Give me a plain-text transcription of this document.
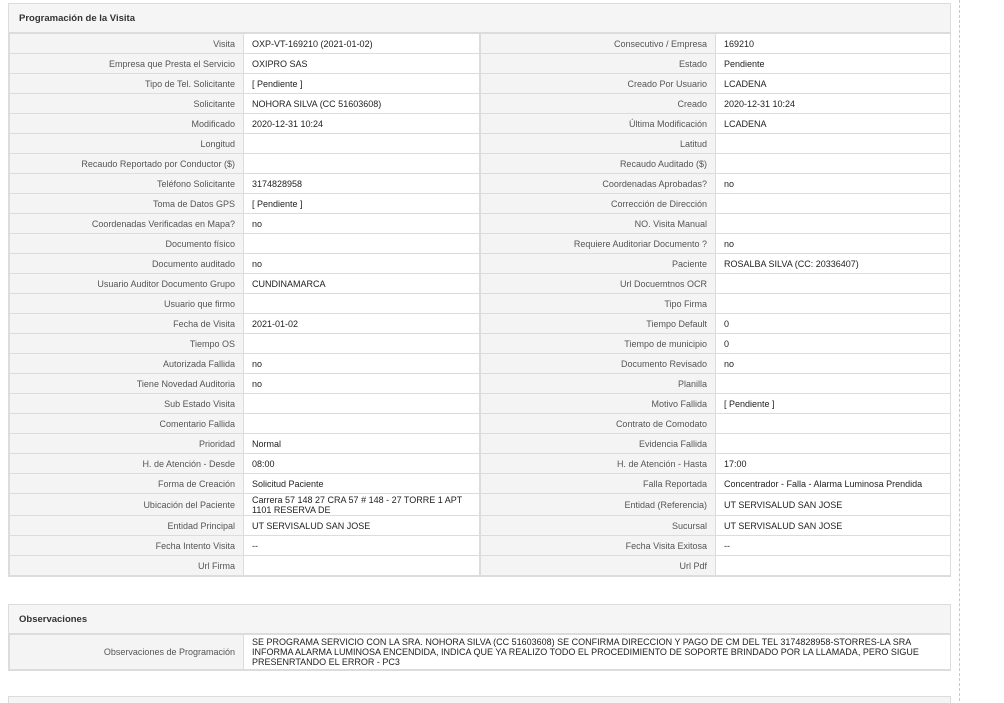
Programación de la Visita
Visita	OXP-VT-169210 (2021-01-02)	Consecutivo / Empresa	169210
Empresa que Presta el Servicio	OXIPRO SAS	Estado	Pendiente
Tipo de Tel. Solicitante	[ Pendiente ]	Creado Por Usuario	LCADENA
Solicitante	NOHORA SILVA (CC 51603608)	Creado	2020-12-31 10:24
Modificado	2020-12-31 10:24	Última Modificación	LCADENA
Longitud		Latitud	
Recaudo Reportado por Conductor ($)		Recaudo Auditado ($)	
Teléfono Solicitante	3174828958	Coordenadas Aprobadas?	no
Toma de Datos GPS	[ Pendiente ]	Corrección de Dirección	
Coordenadas Verificadas en Mapa?	no	NO. Visita Manual	
Documento físico		Requiere Auditoriar Documento ?	no
Documento auditado	no	Paciente	ROSALBA SILVA (CC: 20336407)
Usuario Auditor Documento Grupo	CUNDINAMARCA	Url Docuemtnos OCR	
Usuario que firmo		Tipo Firma	
Fecha de Visita	2021-01-02	Tiempo Default	0
Tiempo OS		Tiempo de municipio	0
Autorizada Fallida	no	Documento Revisado	no
Tiene Novedad Auditoria	no	Planilla	
Sub Estado Visita		Motivo Fallida	[ Pendiente ]
Comentario Fallida		Contrato de Comodato	
Prioridad	Normal	Evidencia Fallida	
H. de Atención - Desde	08:00	H. de Atención - Hasta	17:00
Forma de Creación	Solicitud Paciente	Falla Reportada	Concentrador - Falla - Alarma Luminosa Prendida
Ubicación del Paciente	Carrera 57 148 27 CRA 57 # 148 - 27 TORRE 1 APT 1101 RESERVA DE	Entidad (Referencia)	UT SERVISALUD SAN JOSE
Entidad Principal	UT SERVISALUD SAN JOSE	Sucursal	UT SERVISALUD SAN JOSE
Fecha Intento Visita	--	Fecha Visita Exitosa	--
Url Firma		Url Pdf	
Observaciones
Observaciones de Programación	SE PROGRAMA SERVICIO CON LA SRA. NOHORA SILVA (CC 51603608) SE CONFIRMA DIRECCION Y PAGO DE CM DEL TEL 3174828958-STORRES-LA SRA INFORMA ALARMA LUMINOSA ENCENDIDA, INDICA QUE YA REALIZO TODO EL PROCEDIMIENTO DE SOPORTE BRINDADO POR LA LLAMADA, PERO SIGUE PRESENRTANDO EL ERROR - PC3
